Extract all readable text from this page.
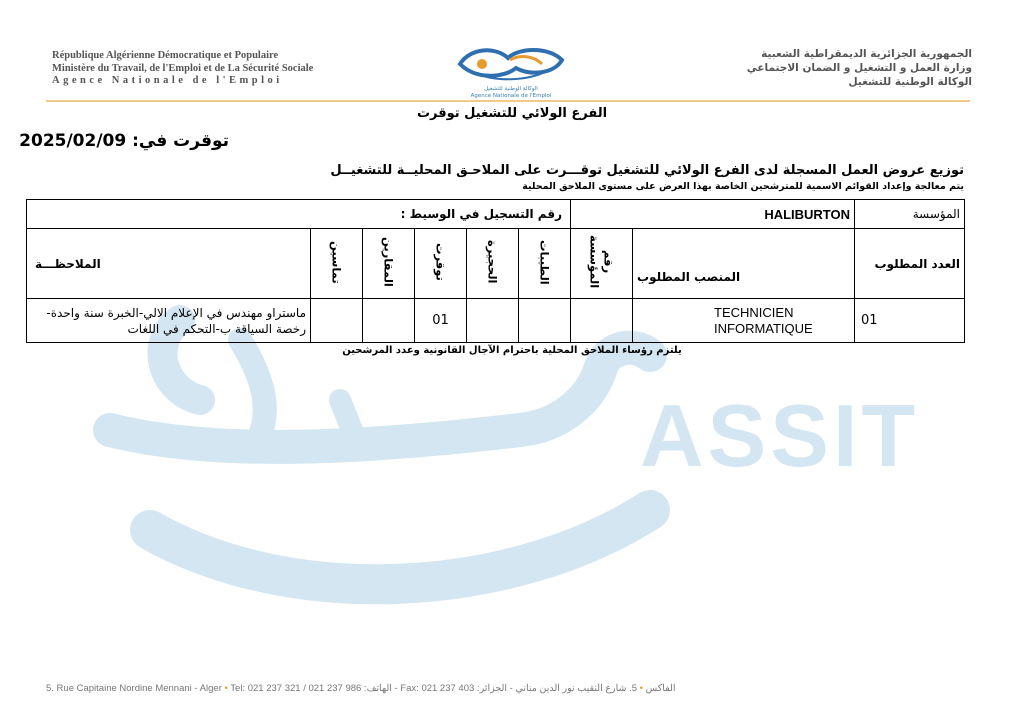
ASSIT
République Algérienne Démocratique et Populaire
Ministère du Travail, de l'Emploi et de La Sécurité Sociale
Agence Nationale de l'Emploi
الوكالة الوطنية للتشغيل
Agence Nationale de l'Emploi
الجمهورية الجزائرية الديمقراطية الشعبية
وزارة العمل و التشغيل و الضمان الاجتماعي
الوكالة الوطنية للتشغيل
الفرع الولائي للتشغيل توقرت
توقرت في: 2025/02/09
توزيع عروض العمل المسجلة لدى الفرع الولائي للتشغيل توقـــرت على الملاحـق المحليــة للتشغيــل
يتم معالجة وإعداد القوائم الاسمية للمترشحين الخاصة بهذا العرض على مستوى الملاحق المحلية
المؤسسة	HALIBURTON		رقم التسجيل في الوسيط :					
العدد المطلوب	المنصب المطلوب	رقم المؤسسة	الطيبات	الحجيرة	توقرت	المقارين	تماسين	الملاحظـــة
01	TECHNICIEN INFORMATIQUE				01			ماستراو مهندس في الإعلام الالي-الخبرة سنة واحدة-رخصة السياقة ب-التحكم في اللغات
يلتزم رؤساء الملاحق المحلية باحترام الآجال القانونية وعدد المرشحين
5. Rue Capitaine Nordine Mennani - Alger • Tel: 021 237 321 / 021 237 986 :الهاتف - Fax: 021 237 403 :الفاكس • 5. شارع النقيب نور الدين مناني - الجزائر
